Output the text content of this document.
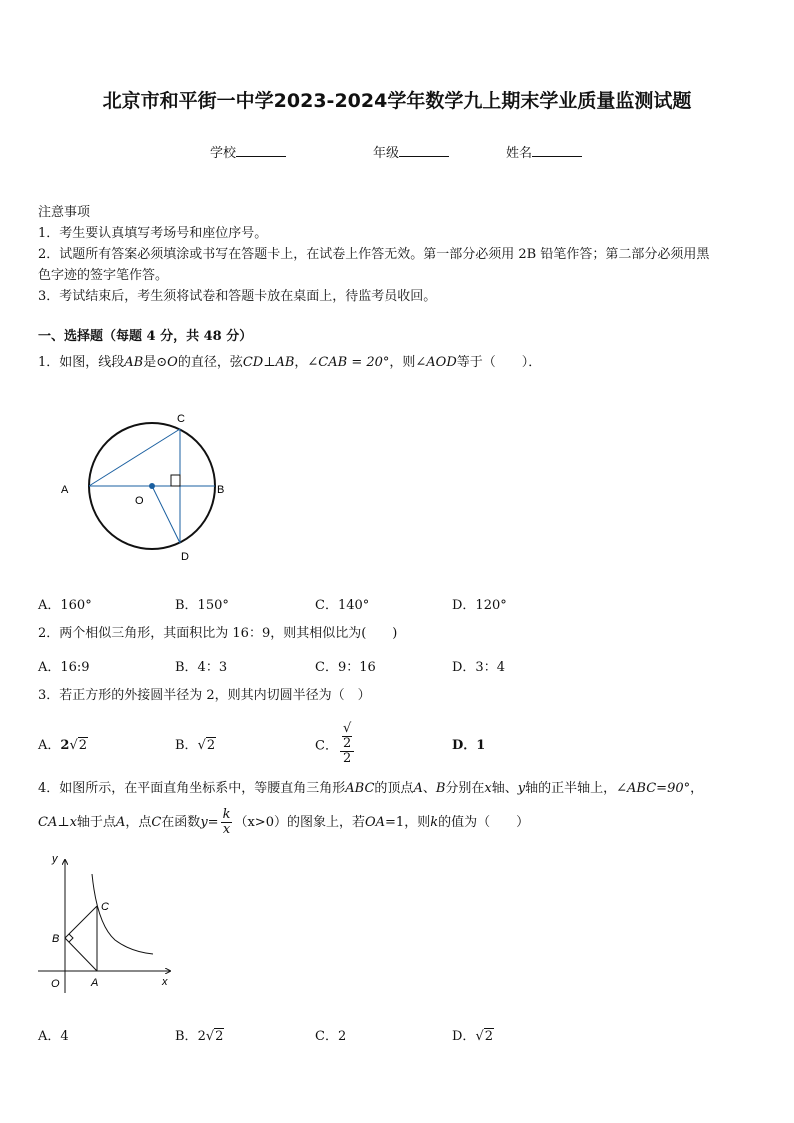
北京市和平街一中学2023-2024学年数学九上期末学业质量监测试题
学校	年级	姓名
注意事项
1．考生要认真填写考场号和座位序号。
2．试题所有答案必须填涂或书写在答题卡上，在试卷上作答无效。第一部分必须用 2B 铅笔作答；第二部分必须用黑
色字迹的签字笔作答。
3．考试结束后，考生须将试卷和答题卡放在桌面上，待监考员收回。
一、选择题（每题 4 分，共 48 分）
1．如图，线段AB是⊙O的直径，弦CD⊥AB，∠CAB = 20°，则∠AOD等于（　　）．
A	B
C
D
O
A．160°	B．150°	C．140°	D．120°
2．两个相似三角形，其面积比为 16：9，则其相似比为(　　)
A．16:9	B．4：3	C．9：16	D．3：4
3．若正方形的外接圆半径为 2，则其内切圆半径为（　）
A．2√2	B．√2	C． √
2
2	D．1
4．如图所示，在平面直角坐标系中，等腰直角三角形ABC的顶点A、B分别在x轴、y轴的正半轴上，∠ABC=90°，
CA⊥x轴于点A，点C在函数$y= \frac{k}{x} (x>0)$的图象上，若OA=1，则k的值为（　　）
y
x
O	A
B
C
A．4	B．2√2	C．2	D．√2
